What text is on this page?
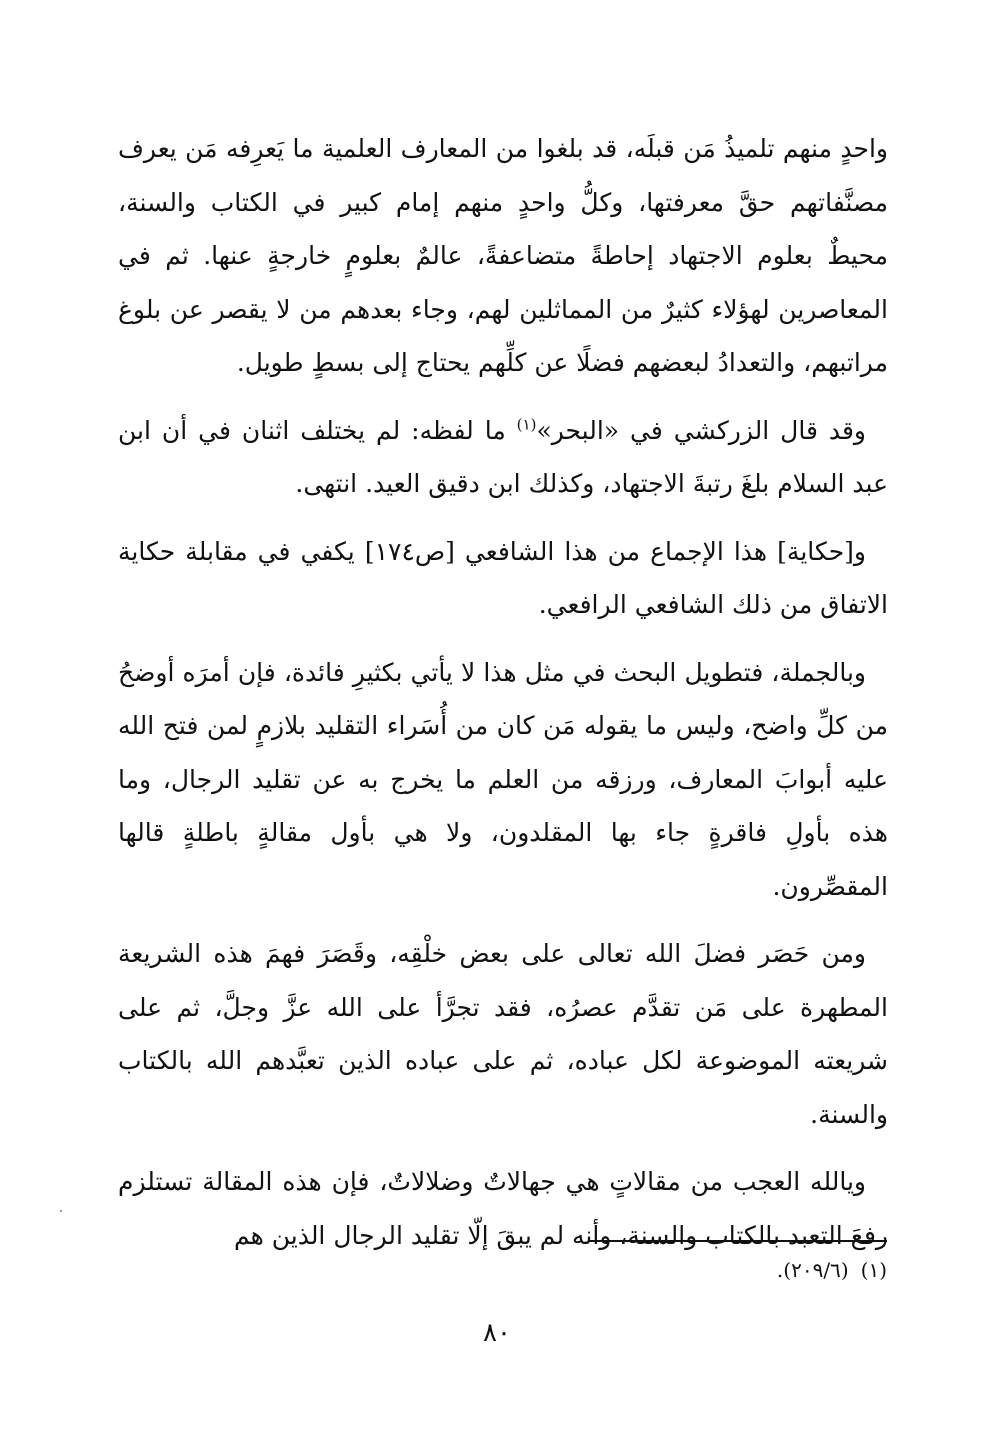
واحدٍ منهم تلميذُ مَن قبلَه، قد بلغوا من المعارف العلمية ما يَعرِفه مَن يعرف مصنَّفاتهم حقَّ معرفتها، وكلُّ واحدٍ منهم إمام كبير في الكتاب والسنة، محيطٌ بعلوم الاجتهاد إحاطةً متضاعفةً، عالمٌ بعلومٍ خارجةٍ عنها. ثم في المعاصرين لهؤلاء كثيرٌ من المماثلين لهم، وجاء بعدهم من لا يقصر عن بلوغ مراتبهم، والتعدادُ لبعضهم فضلًا عن كلِّهم يحتاج إلى بسطٍ طويل.

وقد قال الزركشي في «البحر»$^{(١)}$ ما لفظه: لم يختلف اثنان في أن ابن عبد السلام بلغَ رتبةَ الاجتهاد، وكذلك ابن دقيق العيد. انتهى.

و[حكاية] هذا الإجماع من هذا الشافعي [ص١٧٤] يكفي في مقابلة حكاية الاتفاق من ذلك الشافعي الرافعي.

وبالجملة، فتطويل البحث في مثل هذا لا يأتي بكثيرِ فائدة، فإن أمرَه أوضحُ من كلِّ واضح، وليس ما يقوله مَن كان من أُسَراء التقليد بلازمٍ لمن فتح الله عليه أبوابَ المعارف، ورزقه من العلم ما يخرج به عن تقليد الرجال، وما هذه بأولِ فاقرةٍ جاء بها المقلدون، ولا هي بأول مقالةٍ باطلةٍ قالها المقصِّرون.

ومن حَصَر فضلَ الله تعالى على بعض خلْقِه، وقَصَرَ فهمَ هذه الشريعة المطهرة على مَن تقدَّم عصرُه، فقد تجرَّأ على الله عزَّ وجلَّ، ثم على شريعته الموضوعة لكل عباده، ثم على عباده الذين تعبَّدهم الله بالكتاب والسنة.

ويالله العجب من مقالاتٍ هي جهالاتٌ وضلالاتٌ، فإن هذه المقالة تستلزم رفعَ التعبد بالكتاب والسنة، وأنه لم يبقَ إلّا تقليد الرجال الذين هم

(١)(٢٠٩/٦).
٨٠
